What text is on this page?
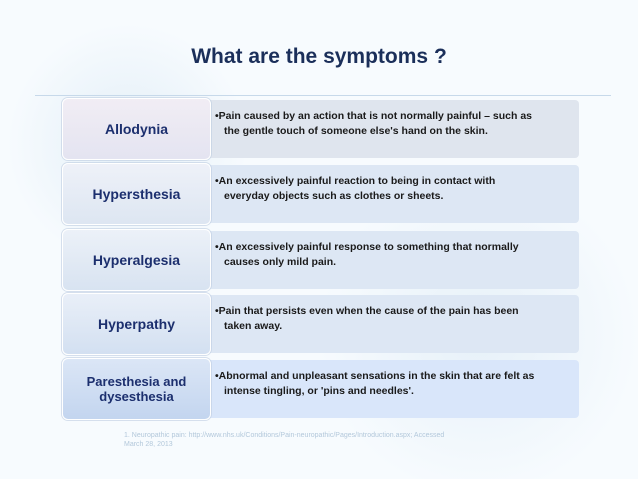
What are the symptoms ?
•Pain caused by an action that is not normally painful – such as
the gentle touch of someone else's hand on the skin.
Allodynia
•An excessively painful reaction to being in contact with
everyday objects such as clothes or sheets.
Hypersthesia
•An excessively painful response to something that normally
causes only mild pain.
Hyperalgesia
•Pain that persists even when the cause of the pain has been
taken away.
Hyperpathy
•Abnormal and unpleasant sensations in the skin that are felt as
intense tingling, or 'pins and needles'.
Paresthesia and
dysesthesia
1. Neuropathic pain: http://www.nhs.uk/Conditions/Pain-neuropathic/Pages/Introduction.aspx; Accessed
March 28, 2013
